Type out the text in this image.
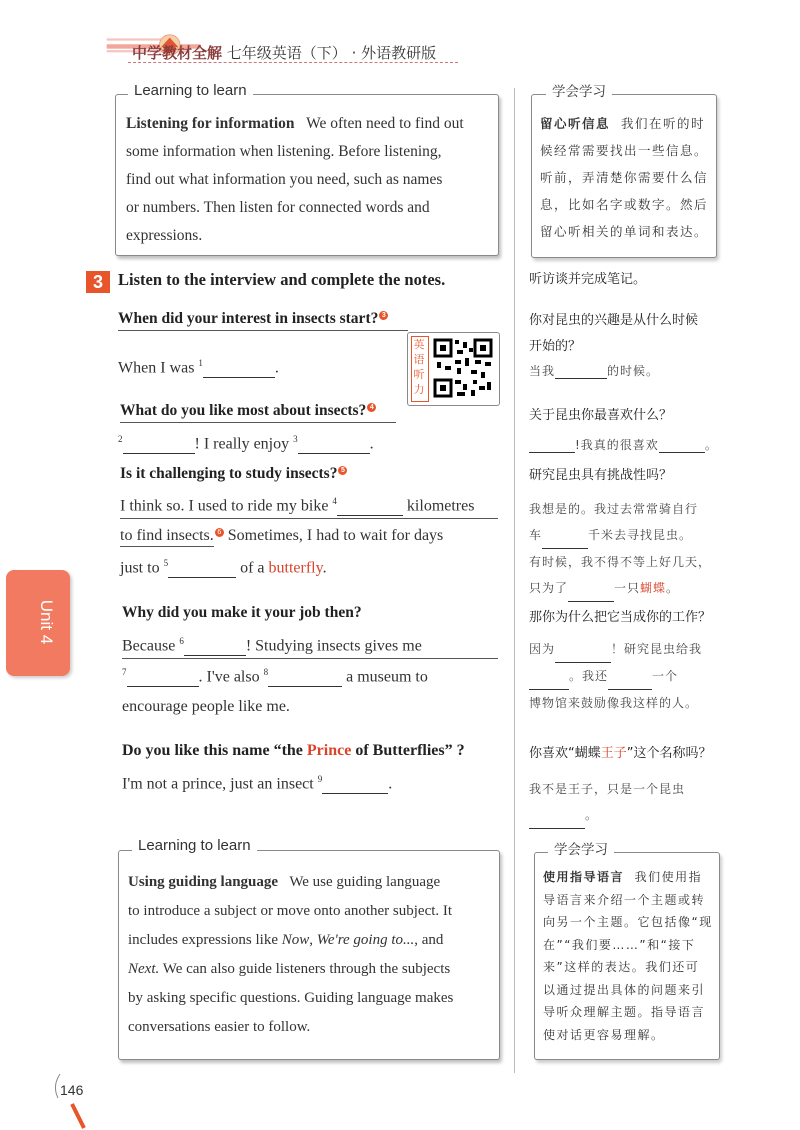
中学教材全解 七年级英语（下） · 外语教研版
Learning to learn
Listening for information We often need to find out
some information when listening. Before listening,
find out what information you need, such as names
or numbers. Then listen for connected words and
expressions.
学会学习
留心听信息 我们在听的时
候经常需要找出一些信息。
听前，弄清楚你需要什么信
息，比如名字或数字。然后
留心听相关的单词和表达。
3 Listen to the interview and complete the notes.	听访谈并完成笔记。
When did your interest in insects start? 3
When I was $^1$	.
英语听力
你对昆虫的兴趣是从什么时候
开始的？
当我	的时候。
What do you like most about insects? 4
$^2$	! I really enjoy $^3$	.
关于昆虫你最喜欢什么？
!我真的很喜欢	。
Is it challenging to study insects? 5
I think so. I used to ride my bike $^4$	kilometres
to find insects. 6 Sometimes, I had to wait for days
just to $^5$	of a butterfly.
研究昆虫具有挑战性吗？
我想是的。我过去常常骑自行
车	千米去寻找昆虫。
有时候，我不得不等上好几天，
只为了	一只蝴蝶。
Unit 4	Why did you make it your job then?
Because $^6$	! Studying insects gives me
$^7$	. I've also $^8$	a museum to
encourage people like me.
那你为什么把它当成你的工作？
因为	！研究昆虫给我
。我还	一个
博物馆来鼓励像我这样的人。
Do you like this name “the Prince of Butterflies” ?
I'm not a prince, just an insect $^9$	.
你喜欢“蝴蝶王子”这个名称吗？
我不是王子，只是一个昆虫
。
Learning to learn
Using guiding language We use guiding language
to introduce a subject or move onto another subject. It
includes expressions like Now, We're going to..., and
Next. We can also guide listeners through the subjects
by asking specific questions. Guiding language makes
conversations easier to follow.
学会学习
使用指导语言 我们使用指
导语言来介绍一个主题或转
向另一个主题。它包括像“现
在”“我们要……”和“接下
来”这样的表达。我们还可
以通过提出具体的问题来引
导听众理解主题。指导语言
使对话更容易理解。
146
